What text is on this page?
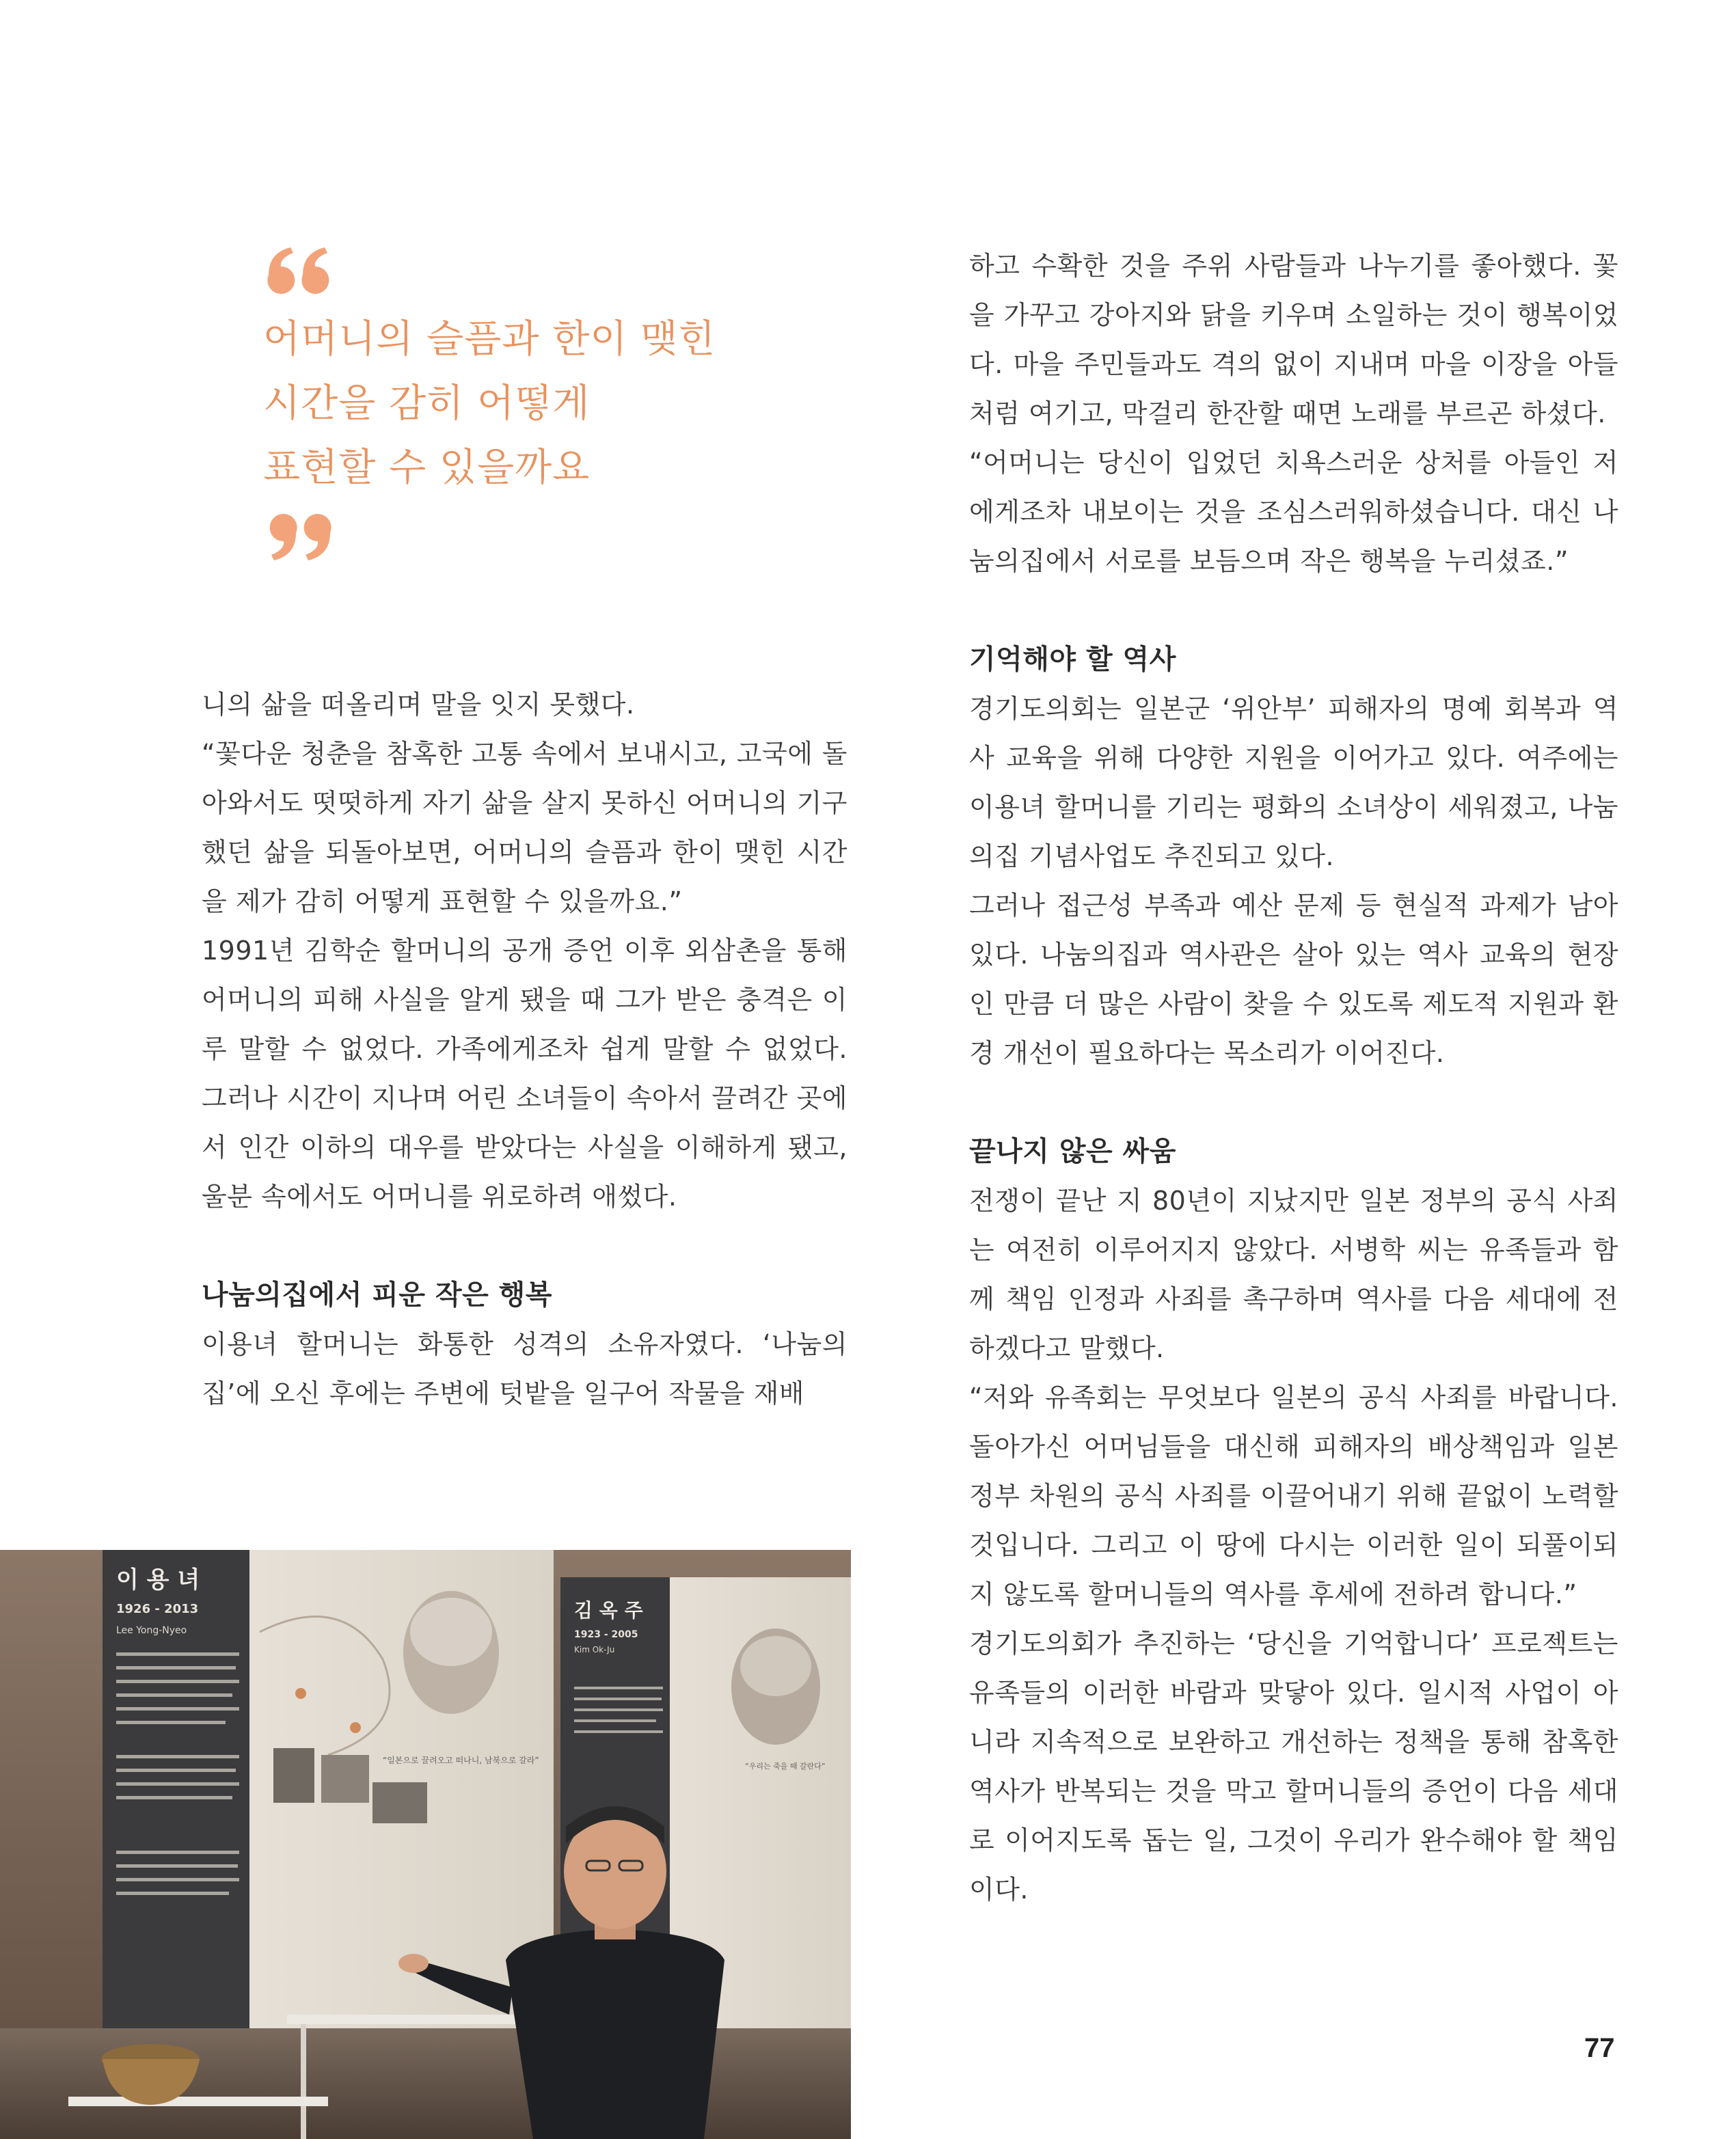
어머니의 슬픔과 한이 맺힌
시간을 감히 어떻게
표현할 수 있을까요

니의 삶을 떠올리며 말을 잇지 못했다.

“꽃다운 청춘을 참혹한 고통 속에서 보내시고, 고국에 돌아와서도 떳떳하게 자기 삶을 살지 못하신 어머니의 기구했던 삶을 되돌아보면, 어머니의 슬픔과 한이 맺힌 시간을 제가 감히 어떻게 표현할 수 있을까요.”

1991년 김학순 할머니의 공개 증언 이후 외삼촌을 통해 어머니의 피해 사실을 알게 됐을 때 그가 받은 충격은 이루 말할 수 없었다. 가족에게조차 쉽게 말할 수 없었다. 그러나 시간이 지나며 어린 소녀들이 속아서 끌려간 곳에서 인간 이하의 대우를 받았다는 사실을 이해하게 됐고, 울분 속에서도 어머니를 위로하려 애썼다.

나눔의집에서 피운 작은 행복

이용녀 할머니는 화통한 성격의 소유자였다. ‘나눔의 집’에 오신 후에는 주변에 텃밭을 일구어 작물을 재배

하고 수확한 것을 주위 사람들과 나누기를 좋아했다. 꽃을 가꾸고 강아지와 닭을 키우며 소일하는 것이 행복이었다. 마을 주민들과도 격의 없이 지내며 마을 이장을 아들처럼 여기고, 막걸리 한잔할 때면 노래를 부르곤 하셨다.

“어머니는 당신이 입었던 치욕스러운 상처를 아들인 저에게조차 내보이는 것을 조심스러워하셨습니다. 대신 나눔의집에서 서로를 보듬으며 작은 행복을 누리셨죠.”

기억해야 할 역사

경기도의회는 일본군 ‘위안부’ 피해자의 명예 회복과 역사 교육을 위해 다양한 지원을 이어가고 있다. 여주에는 이용녀 할머니를 기리는 평화의 소녀상이 세워졌고, 나눔의집 기념사업도 추진되고 있다.

그러나 접근성 부족과 예산 문제 등 현실적 과제가 남아 있다. 나눔의집과 역사관은 살아 있는 역사 교육의 현장인 만큼 더 많은 사람이 찾을 수 있도록 제도적 지원과 환경 개선이 필요하다는 목소리가 이어진다.

끝나지 않은 싸움

전쟁이 끝난 지 80년이 지났지만 일본 정부의 공식 사죄는 여전히 이루어지지 않았다. 서병학 씨는 유족들과 함께 책임 인정과 사죄를 촉구하며 역사를 다음 세대에 전하겠다고 말했다.

“저와 유족회는 무엇보다 일본의 공식 사죄를 바랍니다. 돌아가신 어머님들을 대신해 피해자의 배상책임과 일본 정부 차원의 공식 사죄를 이끌어내기 위해 끝없이 노력할 것입니다. 그리고 이 땅에 다시는 이러한 일이 되풀이되지 않도록 할머니들의 역사를 후세에 전하려 합니다.”

경기도의회가 추진하는 ‘당신을 기억합니다’ 프로젝트는 유족들의 이러한 바람과 맞닿아 있다. 일시적 사업이 아니라 지속적으로 보완하고 개선하는 정책을 통해 참혹한 역사가 반복되는 것을 막고 할머니들의 증언이 다음 세대로 이어지도록 돕는 일, 그것이 우리가 완수해야 할 책임이다.

이 용 녀
1926 - 2013
Lee Yong-Nyeo
김 옥 주
1923 - 2005
Kim Ok-Ju
“일본으로 끌려오고 떠나니, 남북으로 갈라”
“우리는 죽을 때 갈란다”
77
